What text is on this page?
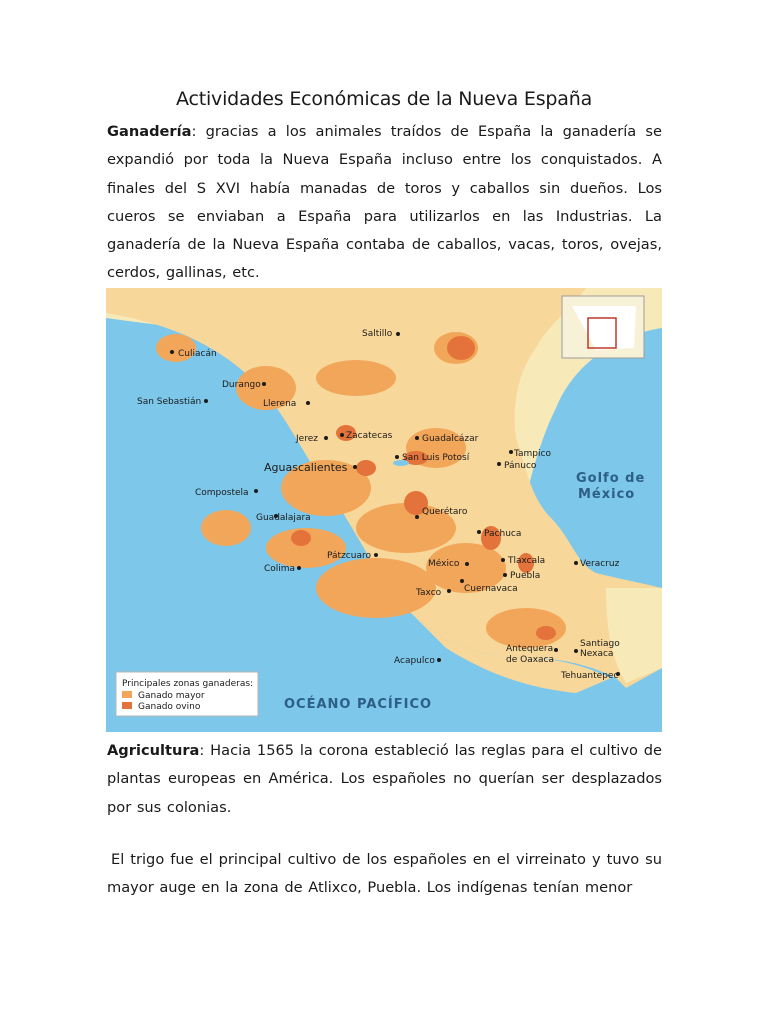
Actividades Económicas de la Nueva España

Ganadería: gracias a los animales traídos de España la ganadería se expandió por toda la Nueva España incluso entre los conquistados. A finales del S XVI había manadas de toros y caballos sin dueños. Los cueros se enviaban a España para utilizarlos en las Industrias. La ganadería de la Nueva España contaba de caballos, vacas, toros, ovejas, cerdos, gallinas, etc.

Principales zonas ganaderas:
Ganado mayor
Ganado ovino
Golfo de
México
OCÉANO PACÍFICO
Saltillo
Culiacán
Durango
San Sebastián	Llerena
Jerez	Zacatecas	Guadalcázar
Tampico
Pánuco
San Luis Potosí
Aguascalientes
Compostela
Querétaro
Guadalajara
Pachuca
Pátzcuaro	Tlaxcala	Veracruz
Colima	México
Puebla
Taxco	Cuernavaca
Antequera
de Oaxaca
Santiago
Nexaca
Acapulco
Tehuantepec

Agricultura: Hacia 1565 la corona estableció las reglas para el cultivo de plantas europeas en América. Los españoles no querían ser desplazados por sus colonias.

El trigo fue el principal cultivo de los españoles en el virreinato y tuvo su mayor auge en la zona de Atlixco, Puebla. Los indígenas tenían menor
